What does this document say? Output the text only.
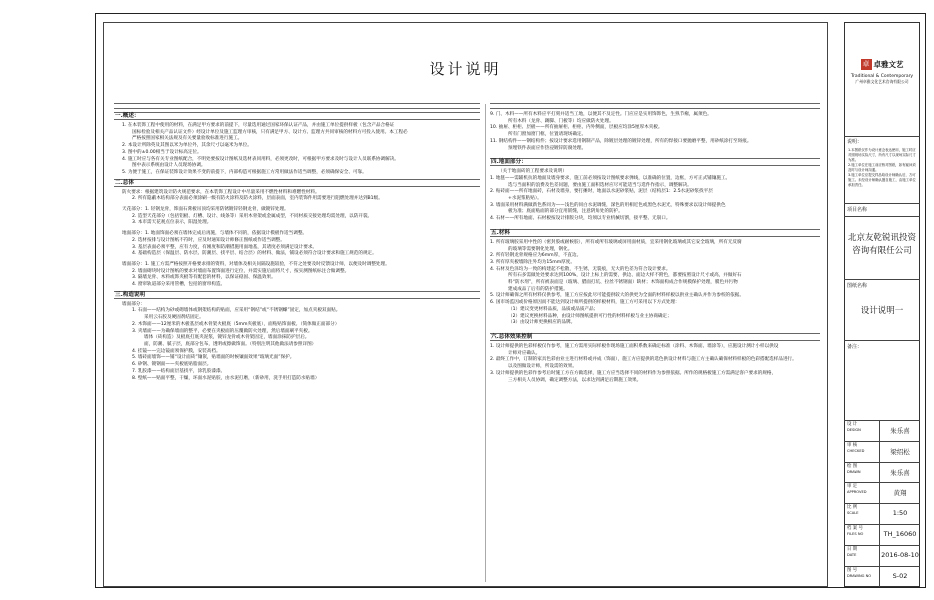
设计说明
一.概述：
1. 在本装饰工程中使用的材料，在满足甲方要求的前提下，尽量选用通过国家环保认证产品，并由施工单位提供样板（包含产品合格证
国标检验及相关产品认证文件）经设计单位及施工监理方审核，只有满足甲方、设计方、监理方共同审核的材料方可投入使用。本工程必
严格按照国家相关法规及有关要量验收标准进行施工。
2. 本设计所除英及其图以米为单位外，其余尺寸以毫米为单位。
3. 图中的±0.00相当于设计标高定位。
4. 施工时应与各有关专业图纸配合，不明处要按设计图纸及选材表同用料，必须更改时，可根据甲方要求及时与设计人员联系协调解决。
图中表示系统由设计人员现场协调。
5. 为便于施工，在保证装饰设计效果不变的前提下，内部构造可根据施工方常用做法作适当调整，必须确保安全、可靠。
二.总体
防火要求：根据建筑设计防火规范要求，在本装饰工程设计中尽量采用不燃性材料和难燃性材料。
2. 所有隐蔽木结构部分表面必须涂刷一级有防火涂料及防火涂料，层面表面，室内装饰件用需要进行阻燃处理并达到B1级。
天花部分：1. 轻钢龙骨，饰面石膏板吊顶均采用防锈镀锌轻钢龙骨，做镀锌处理。
2. 造型天花部分（包括铝板、灯槽、设计、线条等）采用木骨架或金属成型，不同材质交接处理均需处理，以防开裂。
3. 本市需天花观点位表示，阳湿处理。
地面部分：1. 地面饰面必须在墙体完成后再施，与墙体不同的，依据设计模板作适当调整。
2. 选材按排与设计图纸不符时，应及时通知设计师修正图纸或作适当调整。
3. 基层表面必须平整，应有力度，有刚度和防潮措施用面地基，其诸度必须满足设计要求。
4. 基础构造层（保温层、防水层、防潮层、找平层、结合层）的材料、做法，铺设必须符合设计要求和施工规范的规定。
墙面部分：1. 施工方需严格按照开格要求排的资料，对墙体及相关问隔设施较验，不符之处要及时反馈设计师，以便及时调整处理。
2. 墙面砌块时设计图纸的要求对墙面布置饰面进行定位，并需实施后面将尺寸，按实测图纸标注合做调整。
3. 隔墙龙骨、木料或饰夹板等有配套的材料，以保证稳固、保温效果。
4. 窗帘轨道部分采用管槽，包括的窗帘构造。
三.构造说明
墙面部分：
1. 石面——结构为砂或砌墙体或钢架结构的贴面，应采用“钢结”或“不锈钢螺”固定，加点夹板双面贴。
采用云石胶及硬固剂结固定。
2. 木饰面——12厘米的木板基层或木骨架火板底（5mm夹板底），面贴贴饰面板。（筒体做正面部分）
3. 夹墙面——为确保墙面的整平，必要在夹板面的压覆做防火处理，然后墙面刷平夹板。
墙体（砖构造）及板底打底夹泥浆，镀锌龙骨或木骨架固定，墙面涂抹防护层后。
面，防潮、腻子层，底部分包布，透明或擦做饰面。（特别注明其他做法请参照详图）
4. 挂镜——完边镜面须保护膜，安装高档。
5. 墙砖面墙饰——铺“设计面砖”镶嵌，贴墙面的时候镶面效果“玻璃光面”保护。
6. 矽钢、镀钢面——夹板底贴脂面层。
7. 乳胶漆——结构面层基找平，涂乳胶漆漆。
8. 壁纸——贴面平整，干燥，环面水泥贴胶，由水泥打磨，（新砂用，洗手用打造防水贴墙）
9. 门、木料——所有木料应平打刻并适当工地，以便其不及定性。门应应是实用饰饰色，生熟节瘤，属须色。
所有木料（龙骨、踢脚、门板等）均应做防火处理。
10. 抽屉、柜柜、层板——所有抽屉柜、柜柜、内外侧面，层板应均涂5厘厚木夹板。
所有门窗加窗门框，位置请现场确定。
11. 钢结构件——钢结构件；按设计要求选用钢制产品，除镀层处理的镀锌处理，所有的焊接口要抛磨平整，用砂纸涂打至斑痕。
预埋铁件表面应作热浸镀锌防腐处理。
四.地面部分：
（关于地面砖的工程要求及说明）
1. 地毯——需辅机抗的地面及墙身要求，施工前必须按设计图纸要求弹线，以准确的位置，边框，方可正式铺镶施工。
选与当面积的浪费及色差问题，要由施工面积选材应尽可能适当与选件作指示，调整解决。
2. 贴砖面——所有地面砖，石材及墙身，要打摊时，地面以水泥砂浆贴，泥层（结构层1：2.5水泥砂浆找平层
+水泥浆粘贴）。
3. 墙面采用材料满做新色系同为——浅色的同白水泥调缝，深色的用相近色或黑色水泥光，特殊要求以设计师提供色
板为准；底面贴面的部分宜用嵌缝，注意阴角处的防护。
4. 石材——所有地面、石材板按设计排版分块，均须以专业机械切割，接平整、无崩口。
五.材料
1. 所有玻璃胶采用中性的（密封胶或耐候胶），所有或所有玻璃或屏用面材质，宜采用钢化玻璃或其它安全玻璃，所有无反腐
的玻璃等需要钢化处理，钢化。
2. 所有轻钢龙骨规格应为6mm厚，不直边。
3. 所有厚夹板墙除注外均为15mm厚度。
4. 石材及色泽均为一致的构建起不松散，不生锈，无裂痕，无大的色差为符合设计要求。
所有石多需做处处要求达到100%，设计上标上的需要，供边、面边大样不附色，都要按照设计尺寸或高，并做好石
料“防水剂”，所有被表面是（玻璃、腊面打坑、拉丝不锈钢面）缺材；木饰面构成合作规模保护处理，膜色并污物
建成成品了后有的防护措施。
5. 设计师确保之所有材料仅供参考，施工方应按此尽可能提供较大的供更为全面的材料样板以供业主确认并作为参校的依据。
6. 国市场监因或价格原因而不能达到设计师所提供的样板材料，施工方可采用以下方式处理：
（1）建议变更材料品质，品质或品质产品；
（2）建议更换材料品种，由设计师图纸提供可行性的材料样板与业主协商确定；
（3）由设计师更换相应的品牌。
六.总体效果控制
1. 设计师提供的色彩样板仅作参考，施工方需用实际样板作现场施工面积系数来确定标准（涂料、木饰面、墙涂等），应施设计测计小样以供设
计师对应确认。
2. 最终工作中，订制的家具色彩由业主进行材料或并成（饰面），施工方应提供的选色供设计材料与施工方主确认确保材料样板的色彩搭配选样品进行。
以及图做设计师，所设需的效果。
3. 设计师提供的色彩作参考后时施工方在方做选择，施工方应当选择不同的材料作为参照依据。所作的规格板施工方需满足客户要求的规格，
三方相关人员协调，确定调整方法，以求达到满足后期施工效果。
卓 卓雅文艺
Traditional & Contemporary
广州卓雅文化艺术咨询有限公司
说明：
1.本图纸仅作为设计意念表达使用，施工时应对照现场实际尺寸，所有尺寸以现场实际尺寸为准。
2.施工单位在施工前应核对图纸，如有疑问须及时与设计师沟通。
3.施工单位应提交样品给设计师确认后，方可施工。未经设计师确认擅自施工，由施工单位承担责任。
项目名称
北京友乾锐讯投资
咨询有限任公司
图纸名称
设计说明一
备注：
设 计
DESIGN	朱乐喜
审 核
CHECKED	梁绍松
绘 图
DRAWN	朱乐喜
审 定
APPROVED	黄翔
比 例
SCALE	1:50
档 案 号
FILES NO	TH_16060
日 期
DATE	2016-08-10
图 号
DRAWING NO	S-02
